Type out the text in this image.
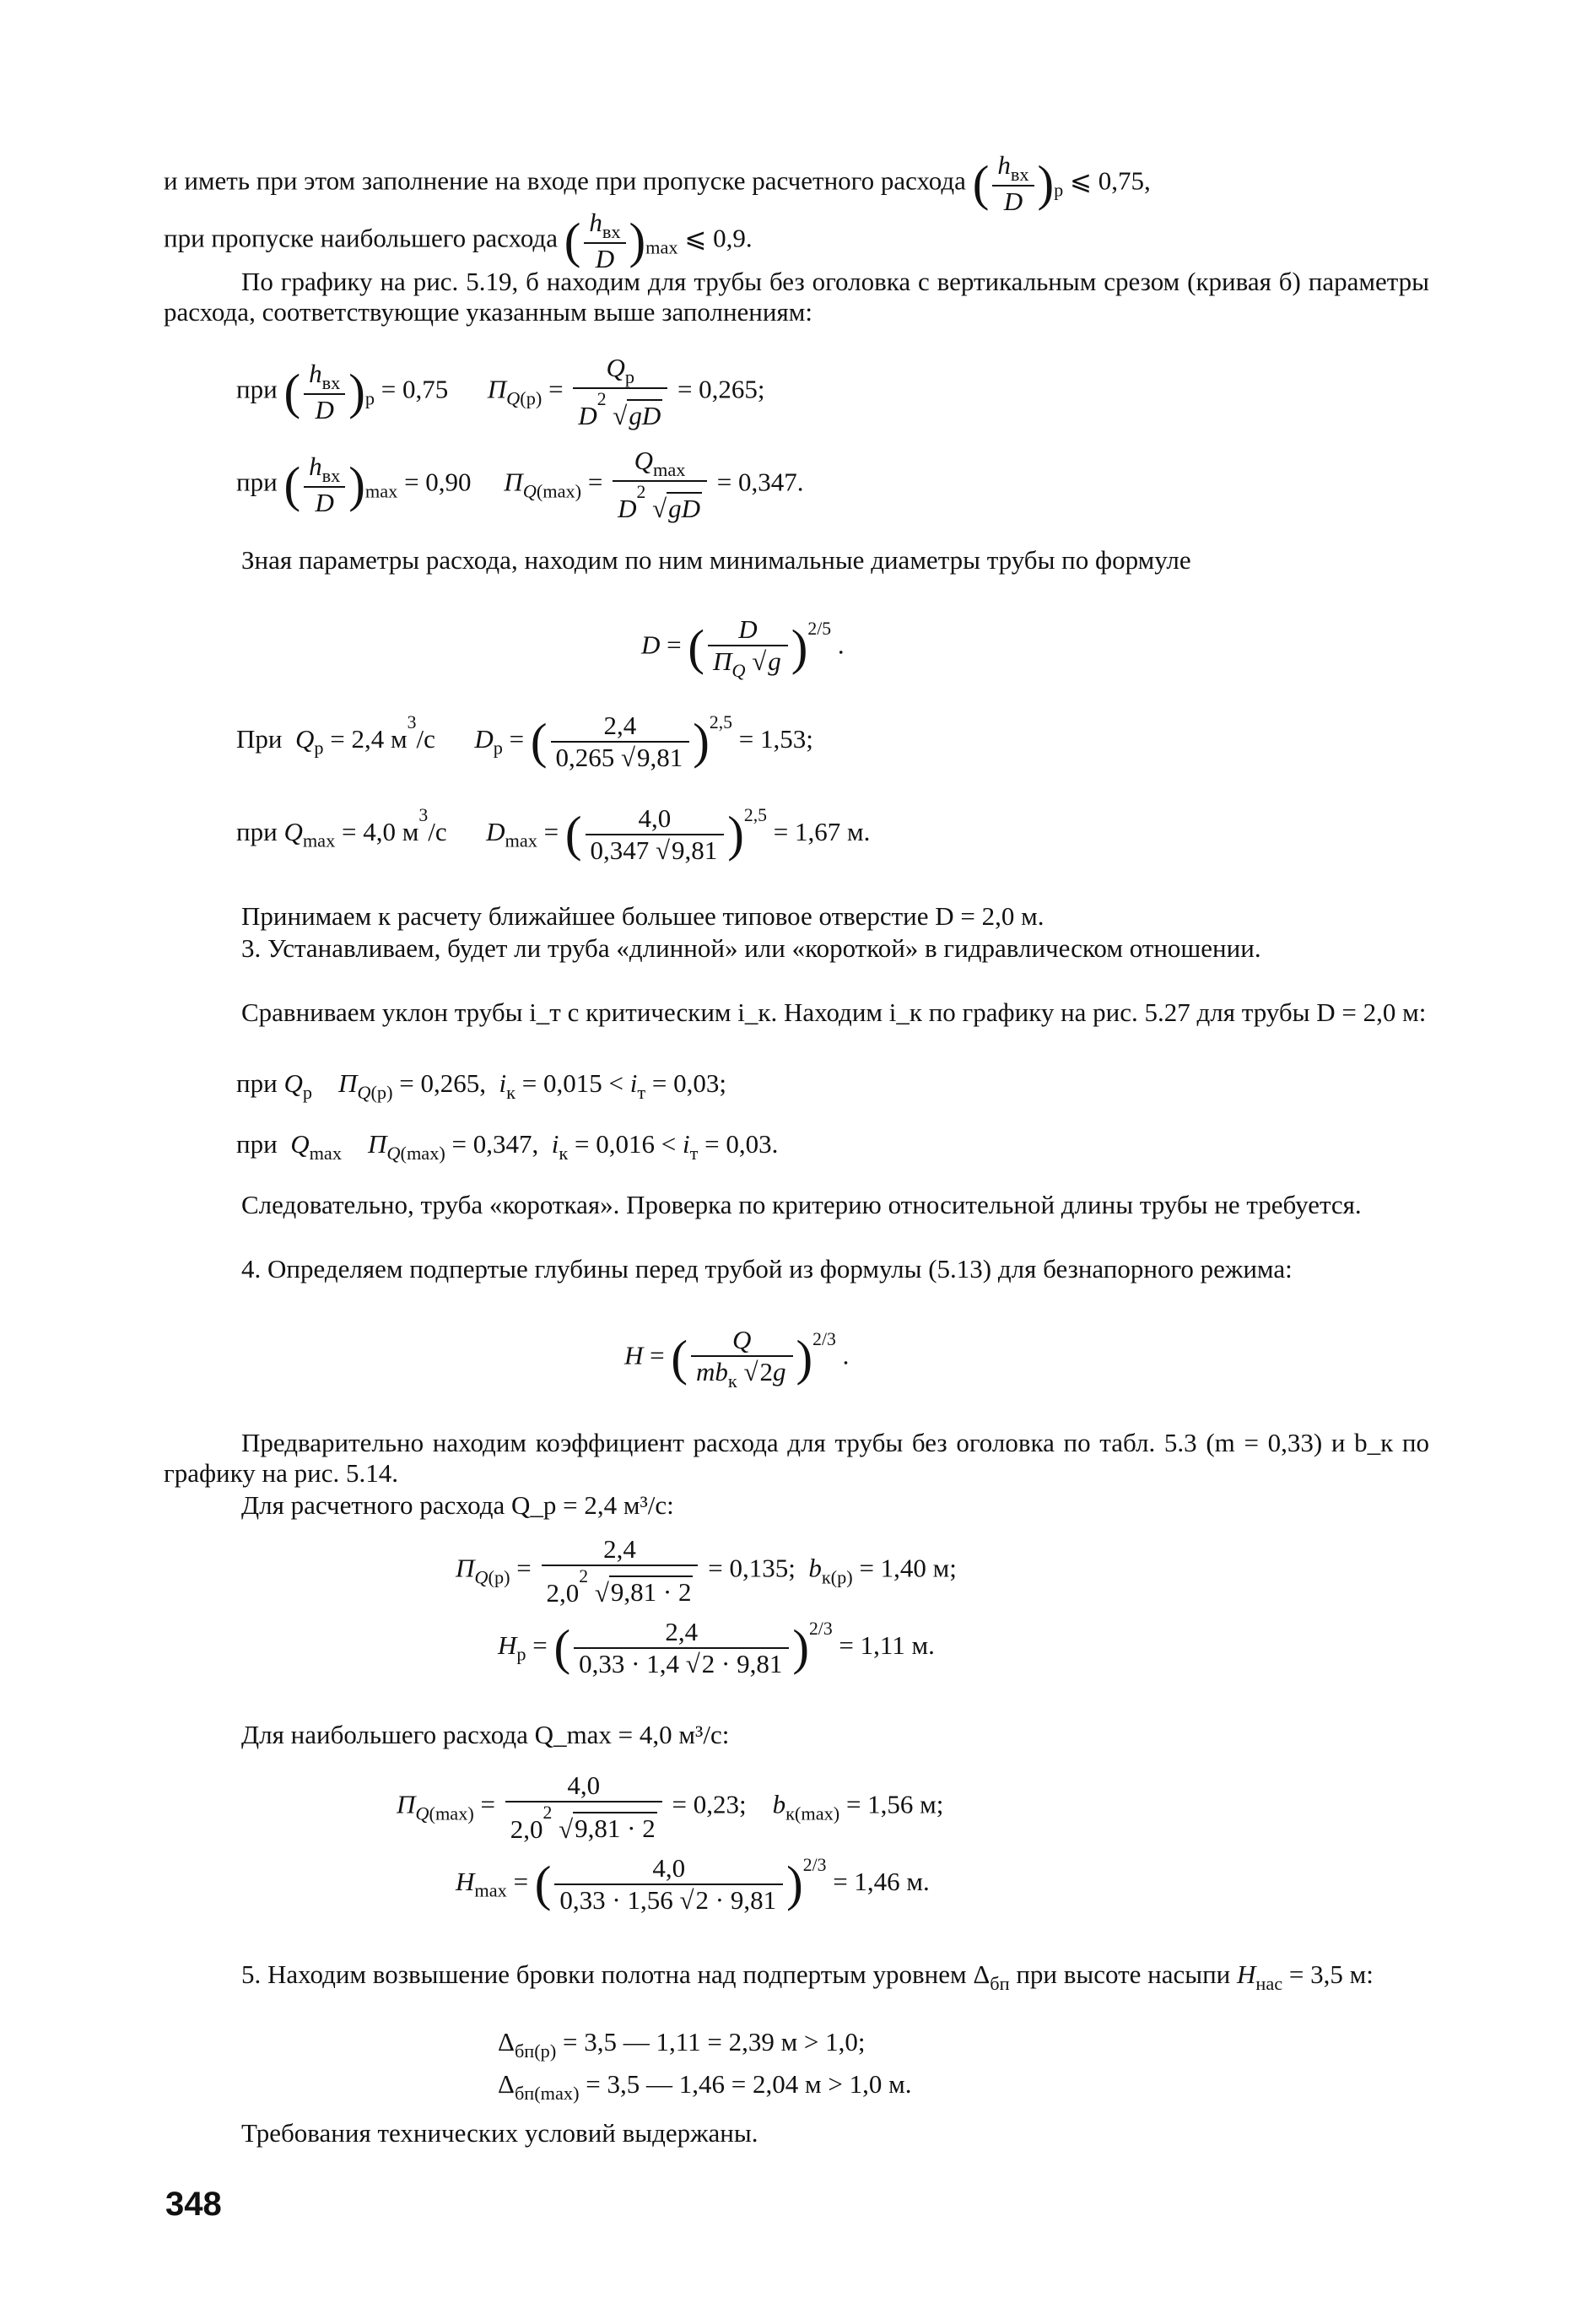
и иметь при этом заполнение на входе при пропуске расчетного расхода ( $\frac{h_{вх}}{D} )_р$ ⩽ 0,75,

при пропуске наибольшего расхода ( $\frac{h_{вх}}{D} )_{max}$ ⩽ 0,9.

По графику на рис. 5.19, б находим для трубы без оголовка с вертикальным срезом (кривая б) параметры расхода, соответствующие указанным выше заполнениям:

при ( $\frac{h_{вх}}{D} )_р = 0,75$      $П_{Q(р)} = \frac{Q_р}{D^2 √gD} = 0,265$;
при ( $\frac{h_{вх}}{D} )_{max} = 0,90$     $П_{Q(max)} = \frac{Q_{max}}{D^2 √gD} = 0,347$.

Зная параметры расхода, находим по ним минимальные диаметры трубы по формуле

D = ( $\frac{D}{П_Q √g} )^{2/5}$ .
При  $Q_р = 2,4$ $м^3/с$      $D_р$ = ( $\frac{2,4}{0,265 √9,81} )^{2,5} = 1,53$;
при $Q_{max} = 4,0$ $м^3/с$      $D_{max}$ = ( $\frac{4,0}{0,347 √9,81} )^{2,5} = 1,67$ м.

Принимаем к расчету ближайшее большее типовое отверстие D = 2,0 м.

3. Устанавливаем, будет ли труба «длинной» или «короткой» в гидравлическом отношении.

Сравниваем уклон трубы i_т с критическим i_к. Находим i_к по графику на рис. 5.27 для трубы D = 2,0 м:

при $Q_р$ $П_{Q(р)} = 0,265$,  $i_к = 0,015 < i_т = 0,03$;
при  $Q_{max}$ $П_{Q(max)} = 0,347$,  $i_к = 0,016 < i_т = 0,03$.

Следовательно, труба «короткая». Проверка по критерию относительной длины трубы не требуется.

4. Определяем подпертые глубины перед трубой из формулы (5.13) для безнапорного режима:

H = ( $\frac{Q}{mb_к √2g} )^{2/3}$ .

Предварительно находим коэффициент расхода для трубы без оголовка по табл. 5.3 (m = 0,33) и b_к по графику на рис. 5.14.

Для расчетного расхода Q_р = 2,4 м³/с:

$П_{Q(р)} = \frac{2,4}{2,0^2 √9,81 \cdot 2} = 0,135$;  $b_{к(р)} = 1,40$ м;
$H_р$ = ( $\frac{2,4}{0,33 \cdot 1,4 √2 \cdot 9,81} )^{2/3} = 1,11$ м.

Для наибольшего расхода Q_max = 4,0 м³/с:

$П_{Q(max)} = \frac{4,0}{2,0^2 √9,81 \cdot 2} = 0,23$;    $b_{к(max)} = 1,56$ м;
$H_{max}$ = ( $\frac{4,0}{0,33 \cdot 1,56 √2 \cdot 9,81} )^{2/3} = 1,46$ м.

5. Находим возвышение бровки полотна над подпертым уровнем $\Delta_{бп}$ при высоте насыпи $H_{нас} = 3,5$ м:

$\Delta_{бп(р)} = 3,5$ — 1,11 = 2,39 м > 1,0;
$\Delta_{бп(max)} = 3,5$ — 1,46 = 2,04 м > 1,0 м.

Требования технических условий выдержаны.

348
